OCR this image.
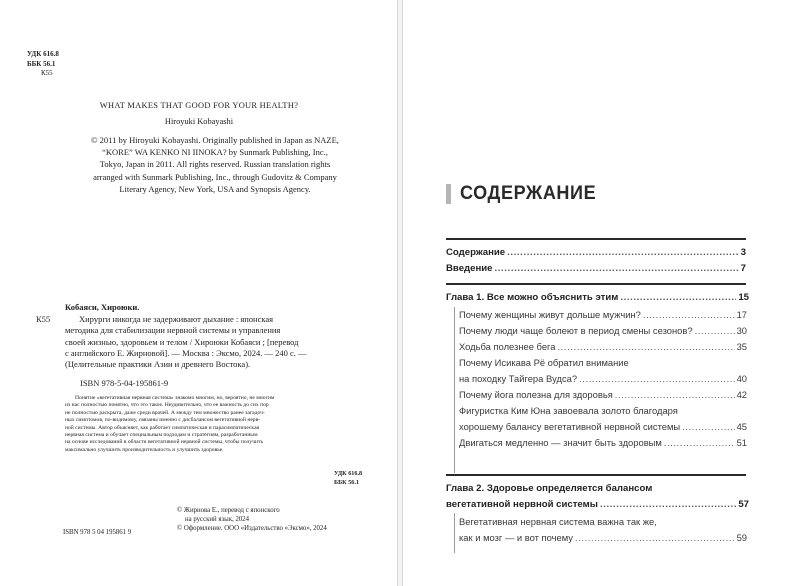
УДК 616.8
ББК 56.1
К55
WHAT MAKES THAT GOOD FOR YOUR HEALTH?
Hiroyuki Kobayashi
© 2011 by Hiroyuki Kobayashi. Originally published in Japan as NAZE,
“KORE” WA KENKO NI IINOKA? by Sunmark Publishing, Inc.,
Tokyo, Japan in 2011. All rights reserved. Russian translation rights
arranged with Sunmark Publishing, Inc., through Gudovitz & Company
Literary Agency, New York, USA and Synopsis Agency.
Кобаяси, Хироюки.
К55	Хирурги никогда не задерживают дыхание : японская
методика для стабилизации нервной системы и управления
своей жизнью, здоровьем и телом / Хироюки Кобаяси ; [перевод
с английского Е. Жирновой]. — Москва : Эксмо, 2024. — 240 с. —
(Целительные практики Азии и древнего Востока).
ISBN 978-5-04-195861-9
Понятие «вегетативная нервная система» знакомо многим, но, вероятно, не многим
из нас полностью понятно, что это такое. Неудивительно, что ее важность до сих пор
не полностью раскрыта, даже среди врачей. А между тем множество ранее загадоч-
ных симптомов, по-видимому, связаны именно с дисбалансом вегетативной нерв-
ной системы. Автор объясняет, как работает симпатическая и парасимпатическая
нервная система и обучает специальным подходам и стратегиям, разработанным
на основе исследований в области вегетативной нервной системы, чтобы получить
максимально улучшить производительность и улучшить здоровье.
УДК 616.8
ББК 56.1
ISBN 978 5 04 195861 9
© Жирнова Е., перевод с японского
на русский язык, 2024
© Оформление. ООО «Издательство «Эксмо», 2024
СОДЕРЖАНИЕ
Содержание .....	3
Введение .....	7
Глава 1. Все можно объяснить этим .....	15
Почему женщины живут дольше мужчин? .....	17
Почему люди чаще болеют в период смены сезонов? .....	30
Ходьба полезнее бега .....	35
Почему Исикава Рё обратил внимание
на походку Тайгера Вудса? .....	40
Почему йога полезна для здоровья .....	42
Фигуристка Ким Юна завоевала золото благодаря
хорошему балансу вегетативной нервной системы .....	45
Двигаться медленно — значит быть здоровым .....	51
Глава 2. Здоровье определяется балансом
вегетативной нервной системы .....	57
Вегетативная нервная система важна так же,
как и мозг — и вот почему .....	59
